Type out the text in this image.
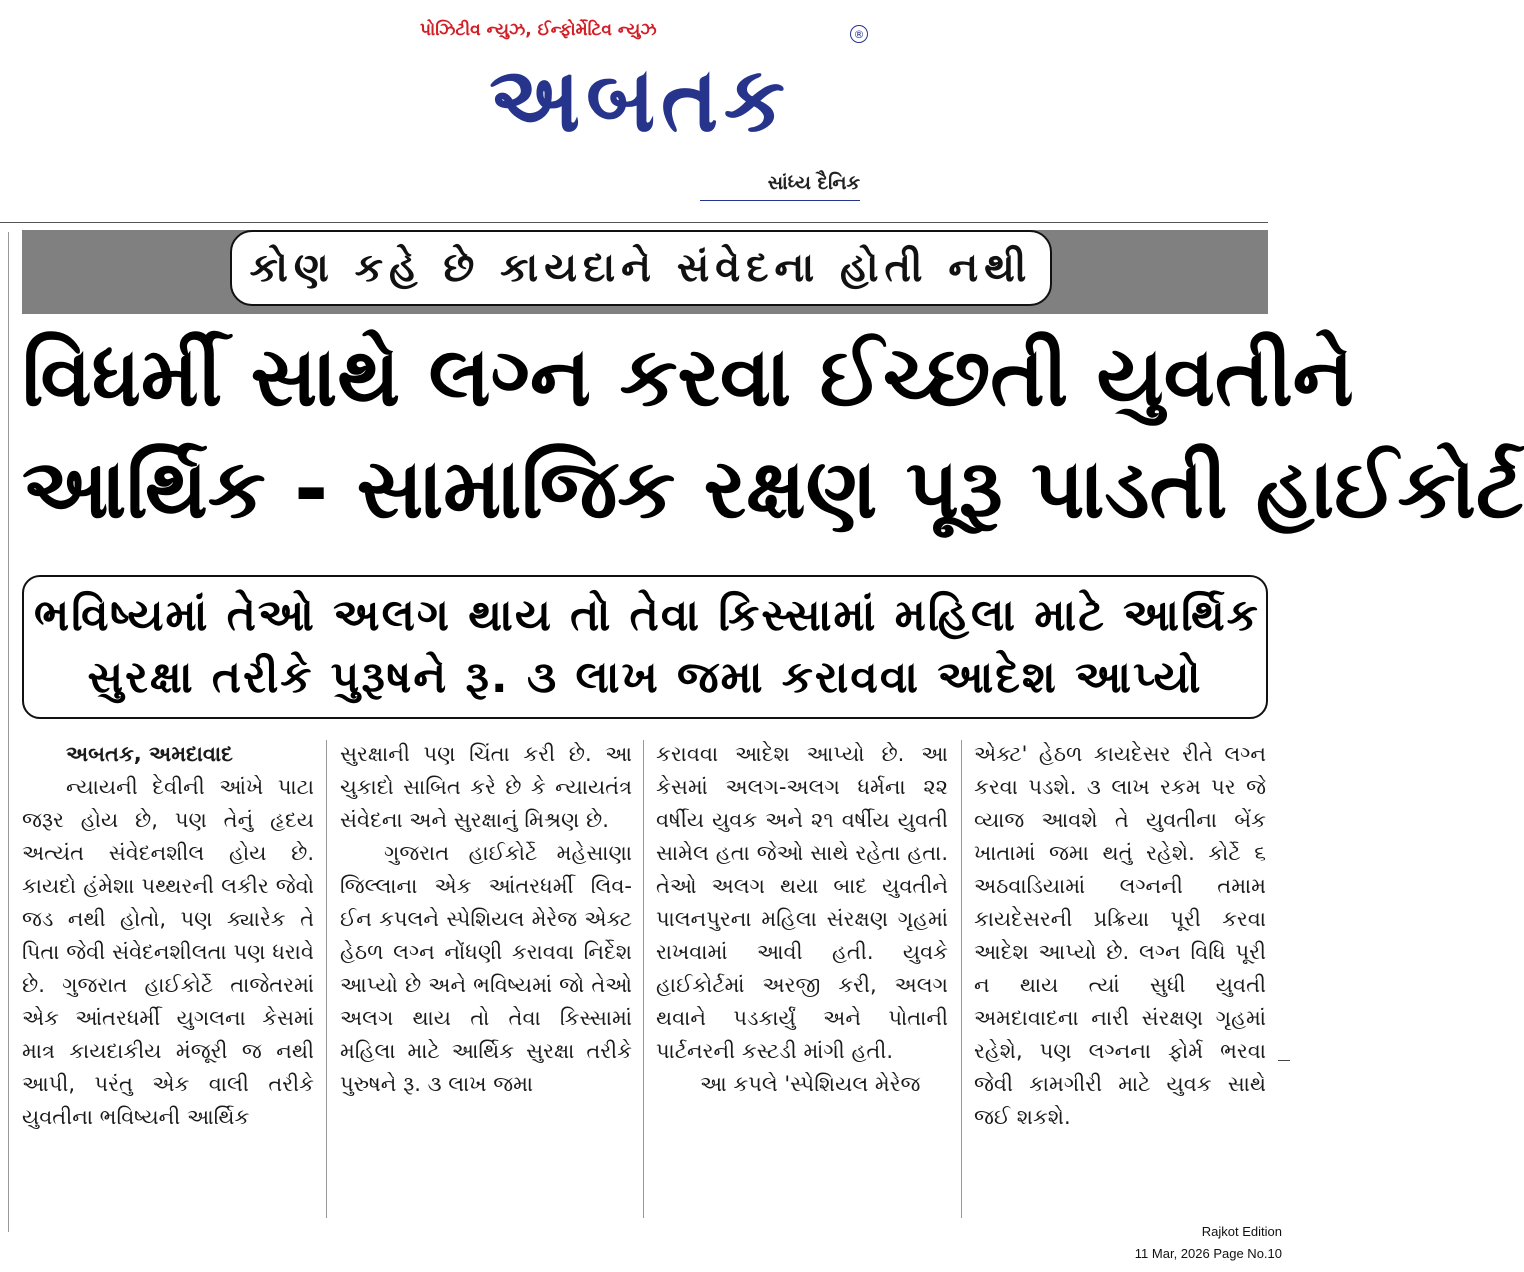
પોઝિટીવ ન્યુઝ, ઈન્ફોર્મેટિવ ન્યુઝ
અબતક
®
સાંધ્ય દૈનિક
કોણ કહે છે કાયદાને સંવેદના હોતી નથી
વિધર્મી સાથે લગ્ન કરવા ઈચ્છતી યુવતીને
આર્થિક - સામાજિક રક્ષણ પૂરૂ પાડતી હાઈકોર્ટ
ભવિષ્યમાં તેઓ અલગ થાય તો તેવા કિસ્સામાં મહિલા માટે આર્થિક
સુરક્ષા તરીકે પુરૂષને રૂ. ૩ લાખ જમા કરાવવા આદેશ આપ્યો

અબતક, અમદાવાદ

ન્યાયની દેવીની આંખે પાટા જરૂર હોય છે, પણ તેનું હૃદય અત્યંત સંવેદનશીલ હોય છે. કાયદો હંમેશા પથ્થરની લકીર જેવો જડ નથી હોતો, પણ ક્યારેક તે પિતા જેવી સંવેદનશીલતા પણ ધરાવે છે. ગુજરાત હાઈકોર્ટે તાજેતરમાં એક આંતરધર્મી યુગલના કેસમાં માત્ર કાયદાકીય મંજૂરી જ નથી આપી, પરંતુ એક વાલી તરીકે યુવતીના ભવિષ્યની આર્થિક

સુરક્ષાની પણ ચિંતા કરી છે. આ ચુકાદો સાબિત કરે છે કે ન્યાયતંત્ર સંવેદના અને સુરક્ષાનું મિશ્રણ છે.

ગુજરાત હાઈકોર્ટે મહેસાણા જિલ્લાના એક આંતરધર્મી લિવ-ઈન કપલને સ્પેશિયલ મેરેજ એક્ટ હેઠળ લગ્ન નોંધણી કરાવવા નિર્દેશ આપ્યો છે અને ભવિષ્યમાં જો તેઓ અલગ થાય તો તેવા કિસ્સામાં મહિલા માટે આર્થિક સુરક્ષા તરીકે પુરુષને રૂ. ૩ લાખ જમા

કરાવવા આદેશ આપ્યો છે. આ કેસમાં અલગ-અલગ ધર્મના ૨૨ વર્ષીય યુવક અને ૨૧ વર્ષીય યુવતી સામેલ હતા જેઓ સાથે રહેતા હતા. તેઓ અલગ થયા બાદ યુવતીને પાલનપુરના મહિલા સંરક્ષણ ગૃહમાં રાખવામાં આવી હતી. યુવકે હાઈકોર્ટમાં અરજી કરી, અલગ થવાને પડકાર્યું અને પોતાની પાર્ટનરની કસ્ટડી માંગી હતી.

આ કપલે 'સ્પેશિયલ મેરેજ

એક્ટ' હેઠળ કાયદેસર રીતે લગ્ન કરવા પડશે. ૩ લાખ રકમ પર જે વ્યાજ આવશે તે યુવતીના બેંક ખાતામાં જમા થતું રહેશે. કોર્ટે ૬ અઠવાડિયામાં લગ્નની તમામ કાયદેસરની પ્રક્રિયા પૂરી કરવા આદેશ આપ્યો છે. લગ્ન વિધિ પૂરી ન થાય ત્યાં સુધી યુવતી અમદાવાદના નારી સંરક્ષણ ગૃહમાં રહેશે, પણ લગ્નના ફોર્મ ભરવા જેવી કામગીરી માટે યુવક સાથે જઈ શકશે.

Rajkot Edition
11 Mar, 2026 Page No.10
